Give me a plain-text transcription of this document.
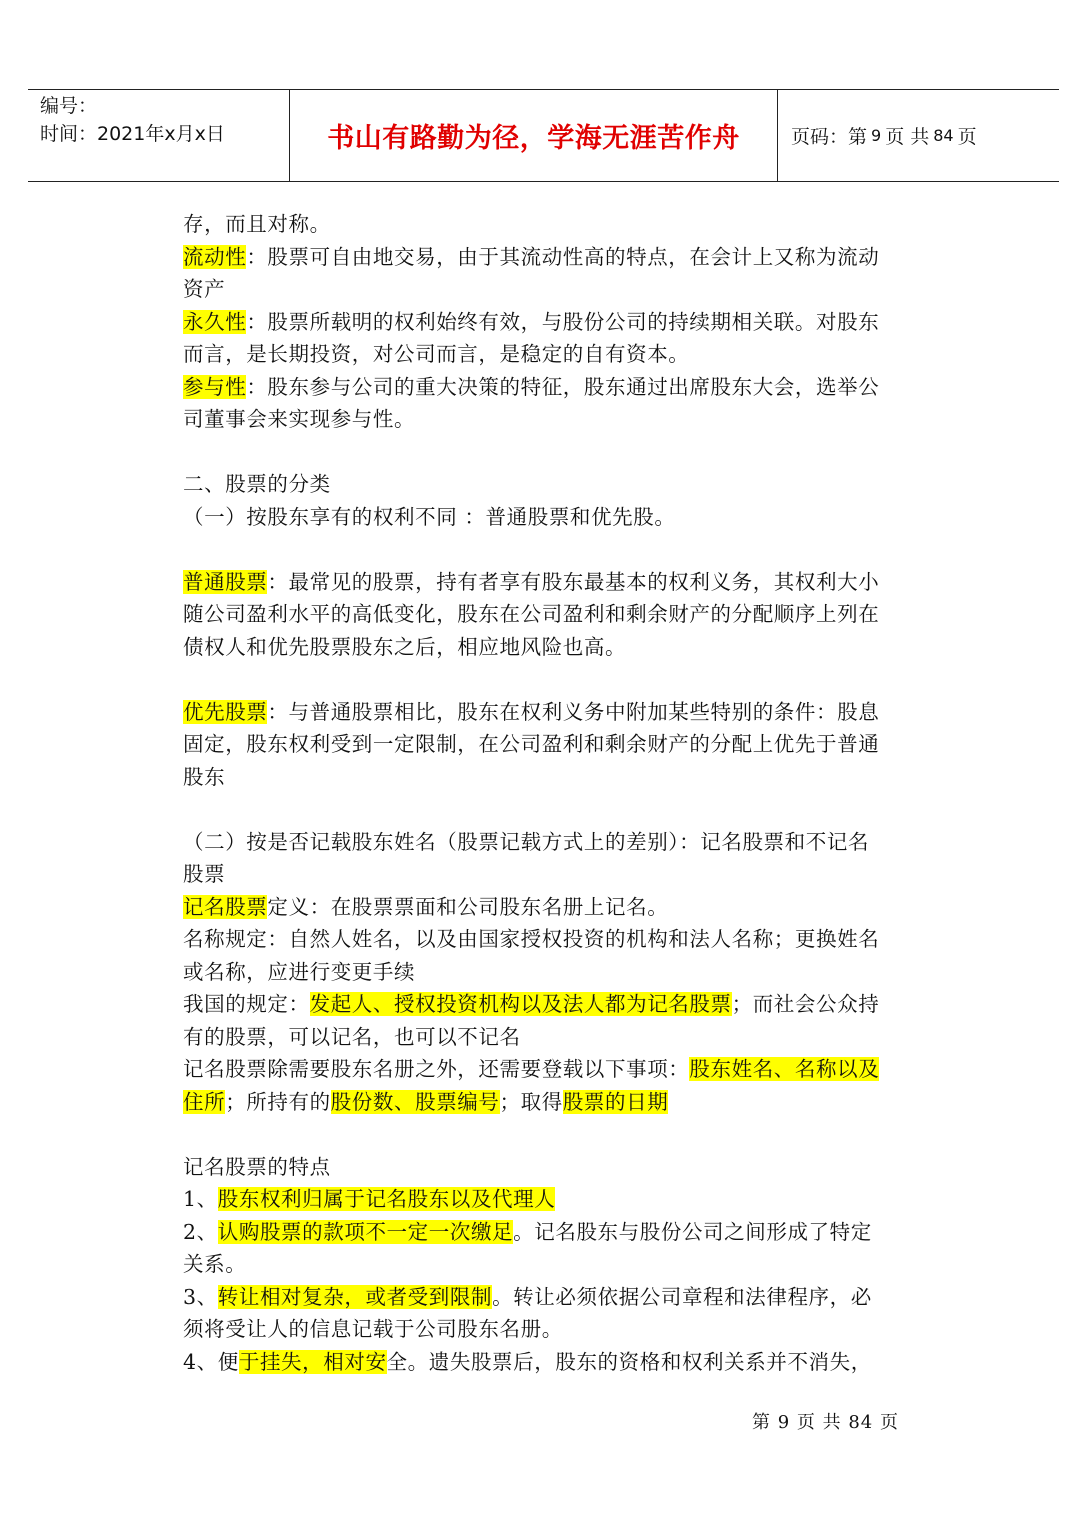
编号：
时间：2021年x月x日	书山有路勤为径，学海无涯苦作舟	页码：第 9 页 共 84 页
存，而且对称。
流动性：股票可自由地交易，由于其流动性高的特点，在会计上又称为流动
资产
永久性：股票所载明的权利始终有效，与股份公司的持续期相关联。对股东
而言，是长期投资，对公司而言，是稳定的自有资本。
参与性：股东参与公司的重大决策的特征，股东通过出席股东大会，选举公
司董事会来实现参与性。
二、股票的分类
（一）按股东享有的权利不同 ：普通股票和优先股。
普通股票：最常见的股票，持有者享有股东最基本的权利义务，其权利大小
随公司盈利水平的高低变化，股东在公司盈利和剩余财产的分配顺序上列在
债权人和优先股票股东之后，相应地风险也高。
优先股票：与普通股票相比，股东在权利义务中附加某些特别的条件：股息
固定，股东权利受到一定限制，在公司盈利和剩余财产的分配上优先于普通
股东
（二）按是否记载股东姓名（股票记载方式上的差别）：记名股票和不记名
股票
记名股票定义：在股票票面和公司股东名册上记名。
名称规定：自然人姓名，以及由国家授权投资的机构和法人名称；更换姓名
或名称，应进行变更手续
我国的规定：发起人、授权投资机构以及法人都为记名股票；而社会公众持
有的股票，可以记名，也可以不记名
记名股票除需要股东名册之外，还需要登载以下事项：股东姓名、名称以及
住所；所持有的股份数、股票编号；取得股票的日期
记名股票的特点
1、股东权利归属于记名股东以及代理人
2、认购股票的款项不一定一次缴足。记名股东与股份公司之间形成了特定
关系。
3、转让相对复杂，或者受到限制。转让必须依据公司章程和法律程序，必
须将受让人的信息记载于公司股东名册。
4、便于挂失，相对安全。遗失股票后，股东的资格和权利关系并不消失，
第 9 页 共 84 页
